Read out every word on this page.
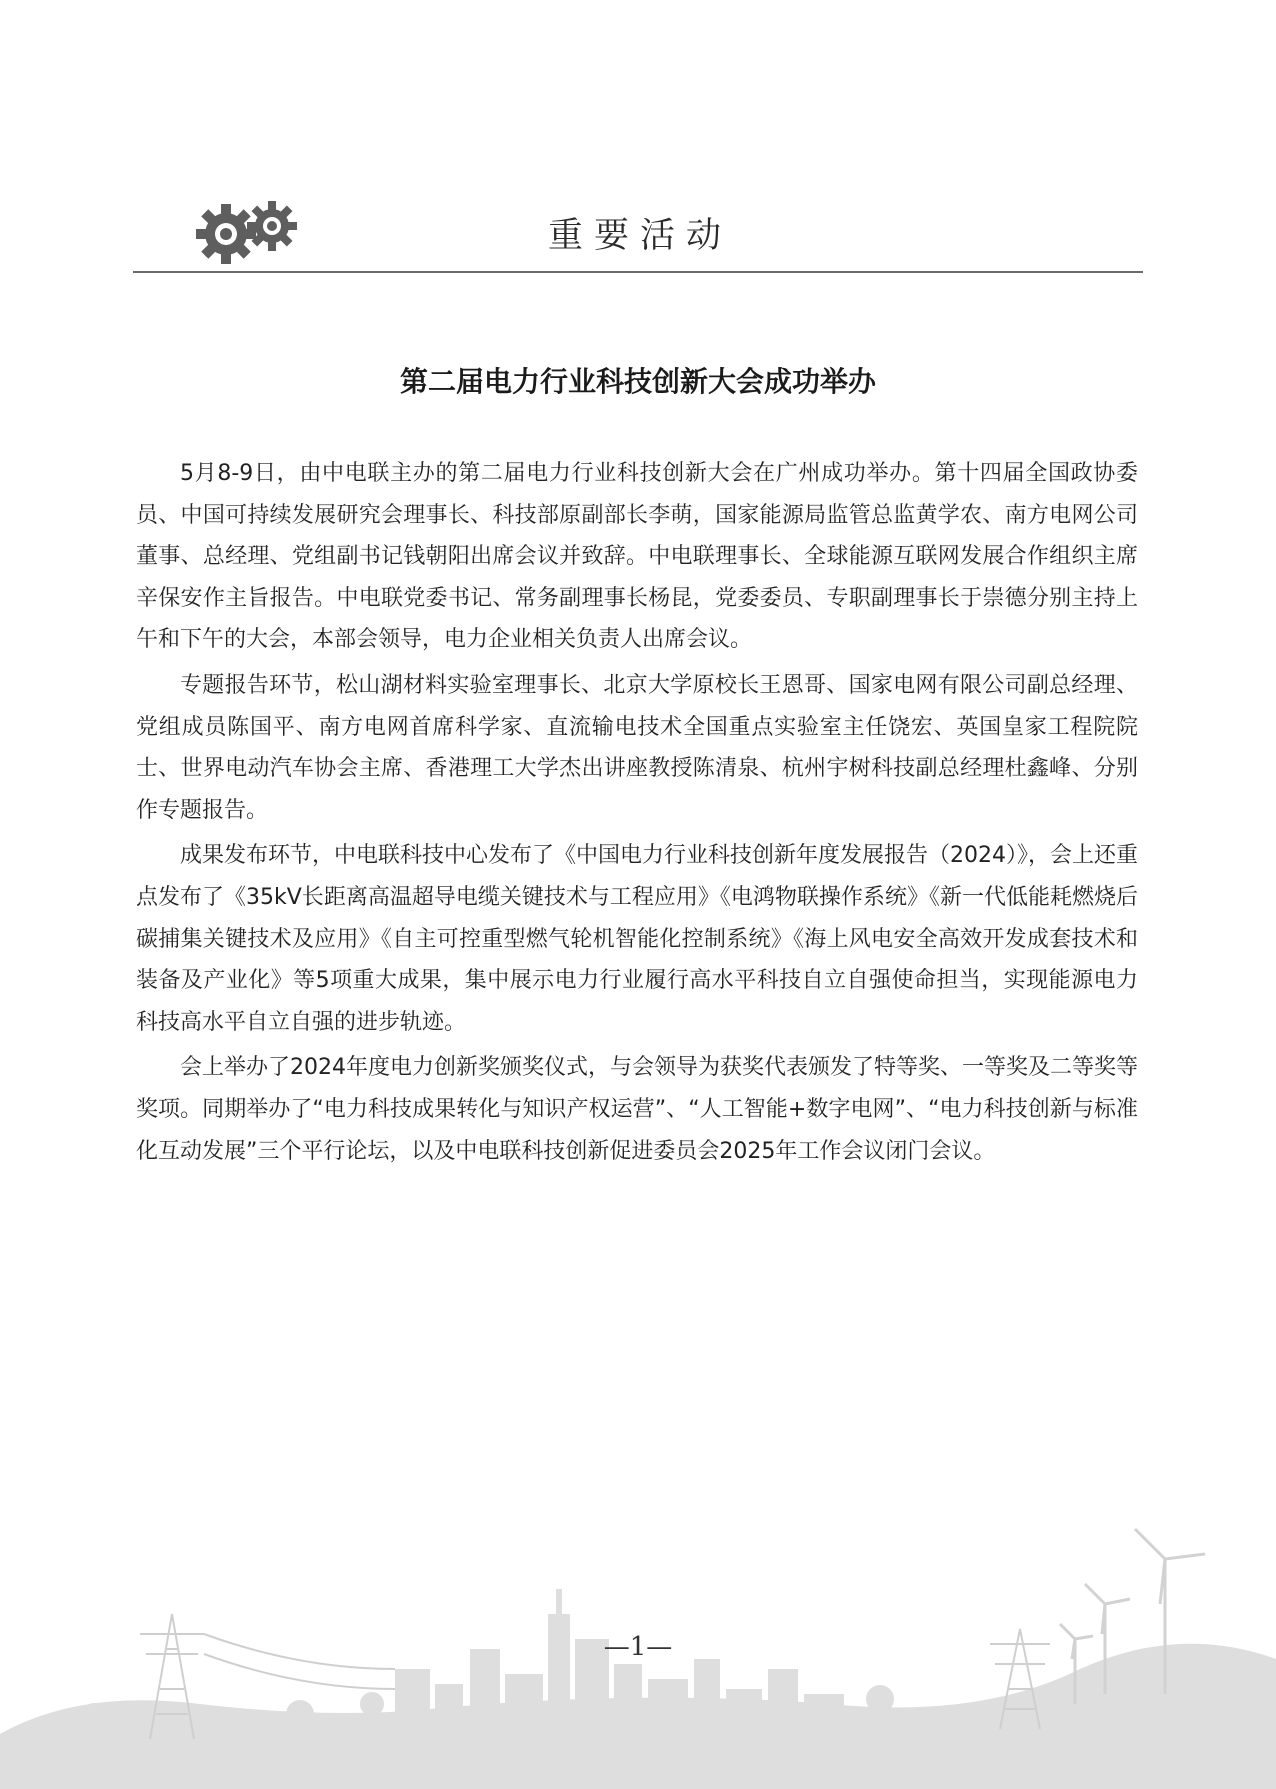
重要活动
第二届电力行业科技创新大会成功举办

5月8-9日，由中电联主办的第二届电力行业科技创新大会在广州成功举办。第十四届全国政协委员、中国可持续发展研究会理事长、科技部原副部长李萌，国家能源局监管总监黄学农、南方电网公司董事、总经理、党组副书记钱朝阳出席会议并致辞。中电联理事长、全球能源互联网发展合作组织主席辛保安作主旨报告。中电联党委书记、常务副理事长杨昆，党委委员、专职副理事长于崇德分别主持上午和下午的大会，本部会领导，电力企业相关负责人出席会议。

专题报告环节，松山湖材料实验室理事长、北京大学原校长王恩哥、国家电网有限公司副总经理、党组成员陈国平、南方电网首席科学家、直流输电技术全国重点实验室主任饶宏、英国皇家工程院院士、世界电动汽车协会主席、香港理工大学杰出讲座教授陈清泉、杭州宇树科技副总经理杜鑫峰、分别作专题报告。

成果发布环节，中电联科技中心发布了《中国电力行业科技创新年度发展报告（2024）》，会上还重点发布了《35kV长距离高温超导电缆关键技术与工程应用》《电鸿物联操作系统》《新一代低能耗燃烧后碳捕集关键技术及应用》《自主可控重型燃气轮机智能化控制系统》《海上风电安全高效开发成套技术和装备及产业化》等5项重大成果，集中展示电力行业履行高水平科技自立自强使命担当，实现能源电力科技高水平自立自强的进步轨迹。

会上举办了2024年度电力创新奖颁奖仪式，与会领导为获奖代表颁发了特等奖、一等奖及二等奖等奖项。同期举办了“电力科技成果转化与知识产权运营”、“人工智能+数字电网”、“电力科技创新与标准化互动发展”三个平行论坛，以及中电联科技创新促进委员会2025年工作会议闭门会议。

—1—
